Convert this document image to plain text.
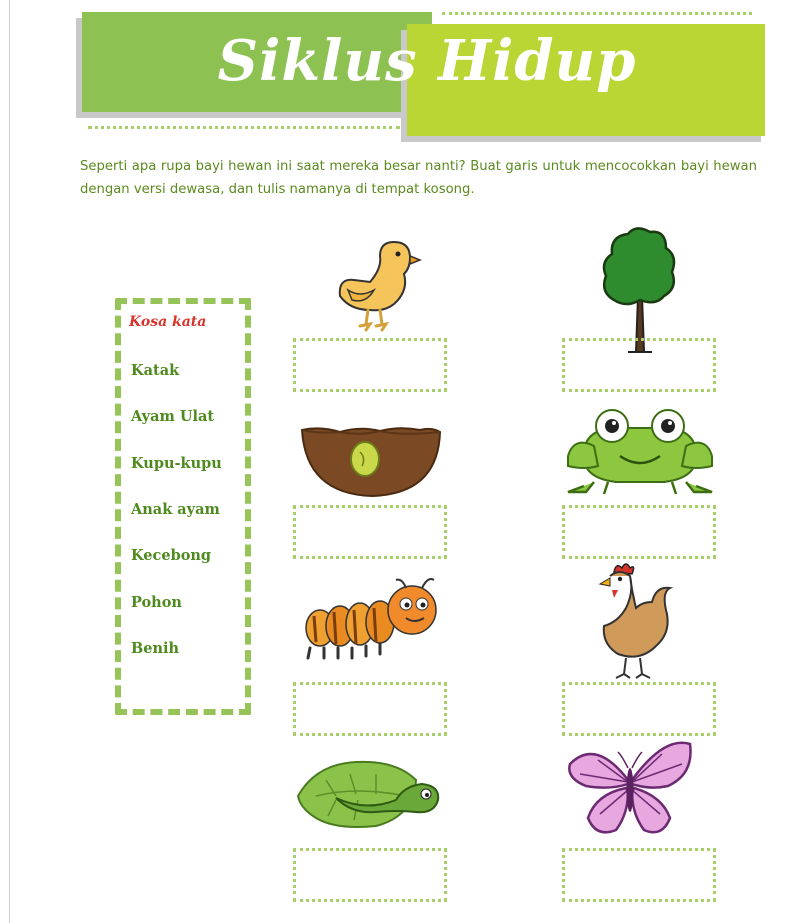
Siklus Hidup
Seperti apa rupa bayi hewan ini saat mereka besar nanti? Buat garis untuk mencocokkan bayi hewan dengan versi dewasa, dan tulis namanya di tempat kosong.
Kosa kata
Katak
Ayam Ulat
Kupu-kupu
Anak ayam
Kecebong
Pohon
Benih
